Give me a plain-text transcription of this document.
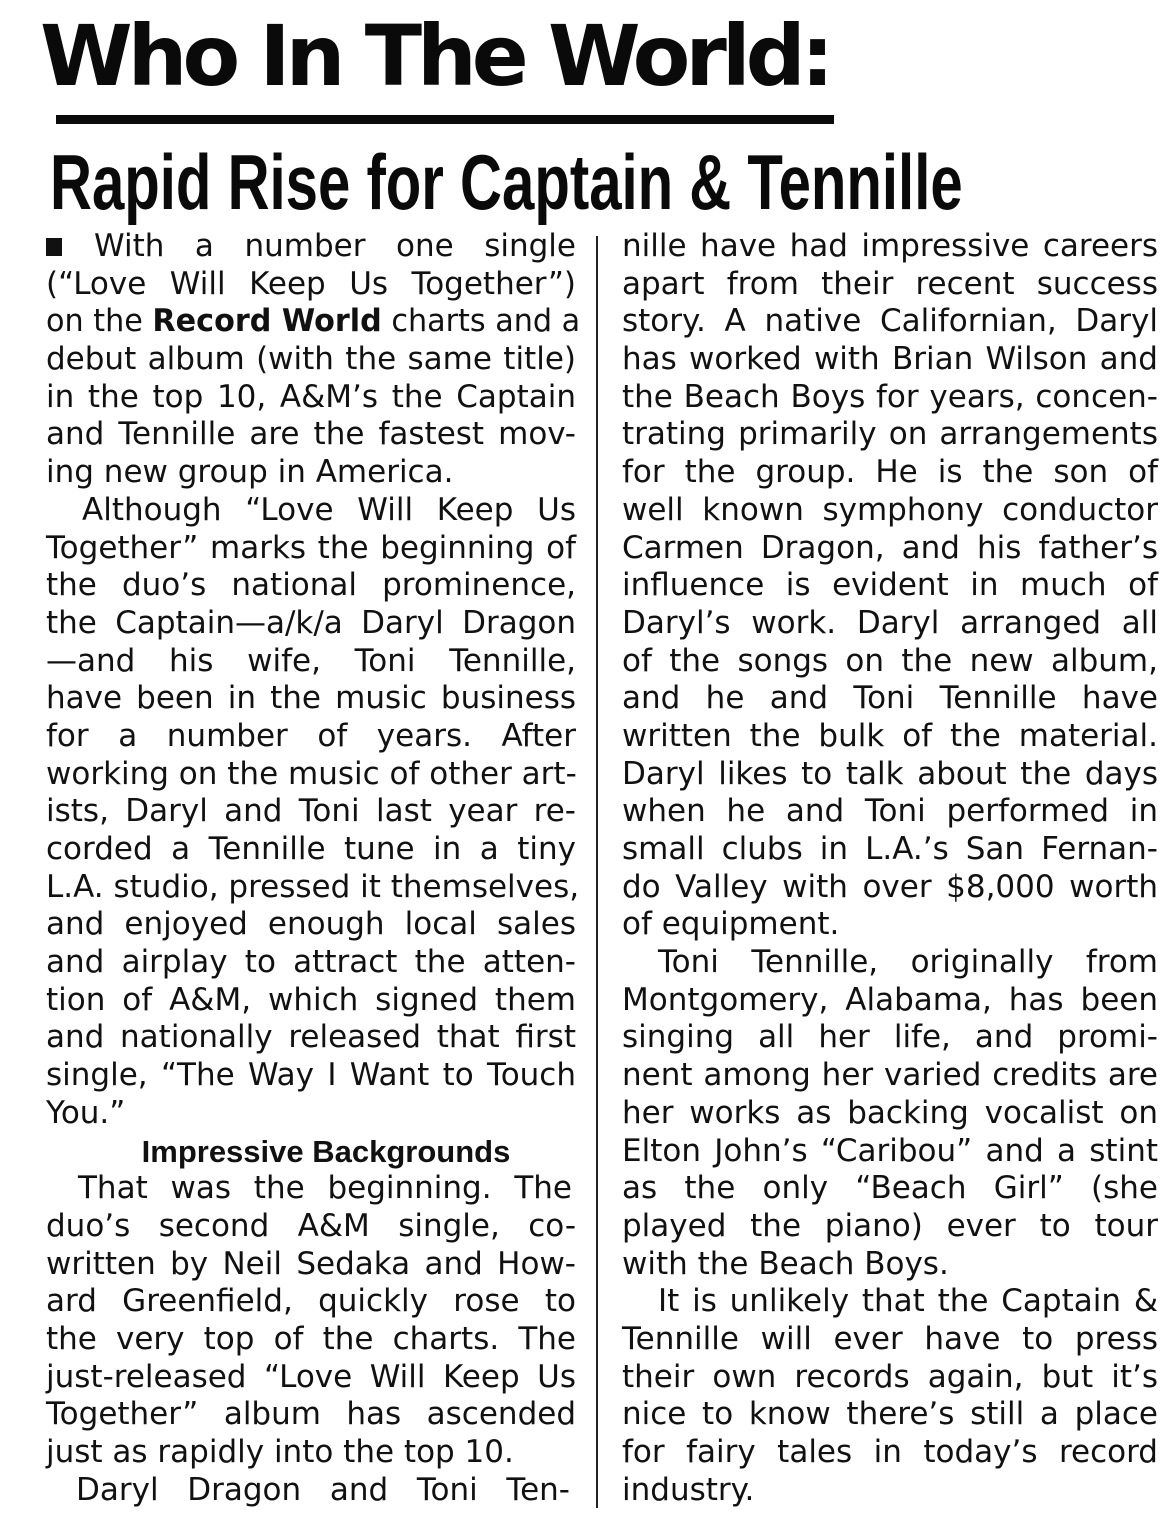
Who In The World:
Rapid Rise for Captain & Tennille
With a number one single
(“Love Will Keep Us Together”)
on the Record World charts and a
debut album (with the same title)
in the top 10, A&M’s the Captain
and Tennille are the fastest mov-
ing new group in America.
Although “Love Will Keep Us
Together” marks the beginning of
the duo’s national prominence,
the Captain—a/k/a Daryl Dragon
—and his wife, Toni Tennille,
have been in the music business
for a number of years. After
working on the music of other art-
ists, Daryl and Toni last year re-
corded a Tennille tune in a tiny
L.A. studio, pressed it themselves,
and enjoyed enough local sales
and airplay to attract the atten-
tion of A&M, which signed them
and nationally released that first
single, “The Way I Want to Touch
You.”
Impressive Backgrounds
That was the beginning. The
duo’s second A&M single, co-
written by Neil Sedaka and How-
ard Greenfield, quickly rose to
the very top of the charts. The
just-released “Love Will Keep Us
Together” album has ascended
just as rapidly into the top 10.
Daryl Dragon and Toni Ten-
nille have had impressive careers
apart from their recent success
story. A native Californian, Daryl
has worked with Brian Wilson and
the Beach Boys for years, concen-
trating primarily on arrangements
for the group. He is the son of
well known symphony conductor
Carmen Dragon, and his father’s
influence is evident in much of
Daryl’s work. Daryl arranged all
of the songs on the new album,
and he and Toni Tennille have
written the bulk of the material.
Daryl likes to talk about the days
when he and Toni performed in
small clubs in L.A.’s San Fernan-
do Valley with over $8,000 worth
of equipment.
Toni Tennille, originally from
Montgomery, Alabama, has been
singing all her life, and promi-
nent among her varied credits are
her works as backing vocalist on
Elton John’s “Caribou” and a stint
as the only “Beach Girl” (she
played the piano) ever to tour
with the Beach Boys.
It is unlikely that the Captain &
Tennille will ever have to press
their own records again, but it’s
nice to know there’s still a place
for fairy tales in today’s record
industry.
